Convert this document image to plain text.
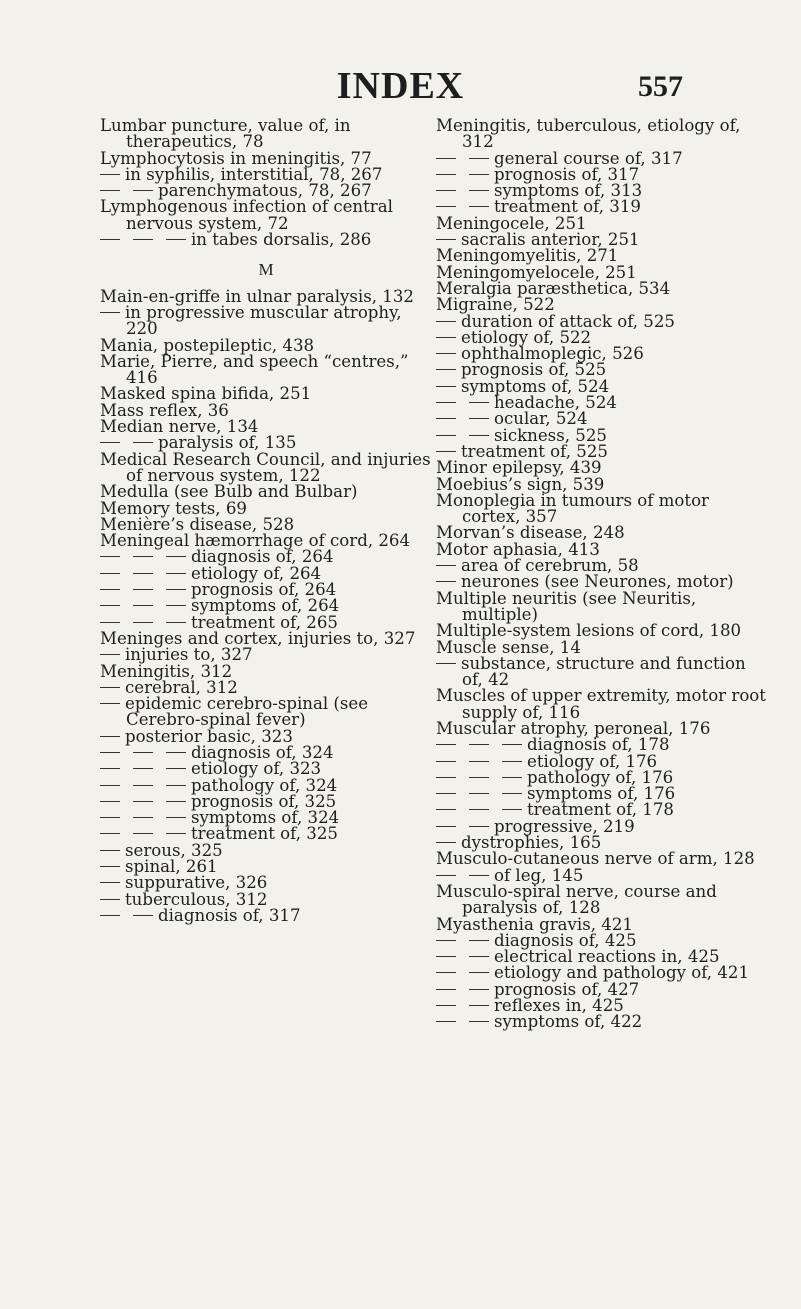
INDEX	557
Lumbar puncture, value of, in therapeutics, 78
Lymphocytosis in meningitis, 77
in syphilis, interstitial, 78, 267
parenchymatous, 78, 267
Lymphogenous infection of central nervous system, 72
in tabes dorsalis, 286
M
Main-en-griffe in ulnar paralysis, 132
in progressive muscular atrophy, 220
Mania, postepileptic, 438
Marie, Pierre, and speech “centres,” 416
Masked spina bifida, 251
Mass reflex, 36
Median nerve, 134
paralysis of, 135
Medical Research Council, and injuries of nervous system, 122
Medulla (see Bulb and Bulbar)
Memory tests, 69
Menière’s disease, 528
Meningeal hæmorrhage of cord, 264
diagnosis of, 264
etiology of, 264
prognosis of, 264
symptoms of, 264
treatment of, 265
Meninges and cortex, injuries to, 327
injuries to, 327
Meningitis, 312
cerebral, 312
epidemic cerebro-spinal (see Cerebro-spinal fever)
posterior basic, 323
diagnosis of, 324
etiology of, 323
pathology of, 324
prognosis of, 325
symptoms of, 324
treatment of, 325
serous, 325
spinal, 261
suppurative, 326
tuberculous, 312
diagnosis of, 317
Meningitis, tuberculous, etiology of, 312
general course of, 317
prognosis of, 317
symptoms of, 313
treatment of, 319
Meningocele, 251
sacralis anterior, 251
Meningomyelitis, 271
Meningomyelocele, 251
Meralgia paræsthetica, 534
Migraine, 522
duration of attack of, 525
etiology of, 522
ophthalmoplegic, 526
prognosis of, 525
symptoms of, 524
headache, 524
ocular, 524
sickness, 525
treatment of, 525
Minor epilepsy, 439
Moebius’s sign, 539
Monoplegia in tumours of motor cortex, 357
Morvan’s disease, 248
Motor aphasia, 413
area of cerebrum, 58
neurones (see Neurones, motor)
Multiple neuritis (see Neuritis, multiple)
Multiple-system lesions of cord, 180
Muscle sense, 14
substance, structure and function of, 42
Muscles of upper extremity, motor root supply of, 116
Muscular atrophy, peroneal, 176
diagnosis of, 178
etiology of, 176
pathology of, 176
symptoms of, 176
treatment of, 178
progressive, 219
dystrophies, 165
Musculo-cutaneous nerve of arm, 128
of leg, 145
Musculo-spiral nerve, course and paralysis of, 128
Myasthenia gravis, 421
diagnosis of, 425
electrical reactions in, 425
etiology and pathology of, 421
prognosis of, 427
reflexes in, 425
symptoms of, 422
